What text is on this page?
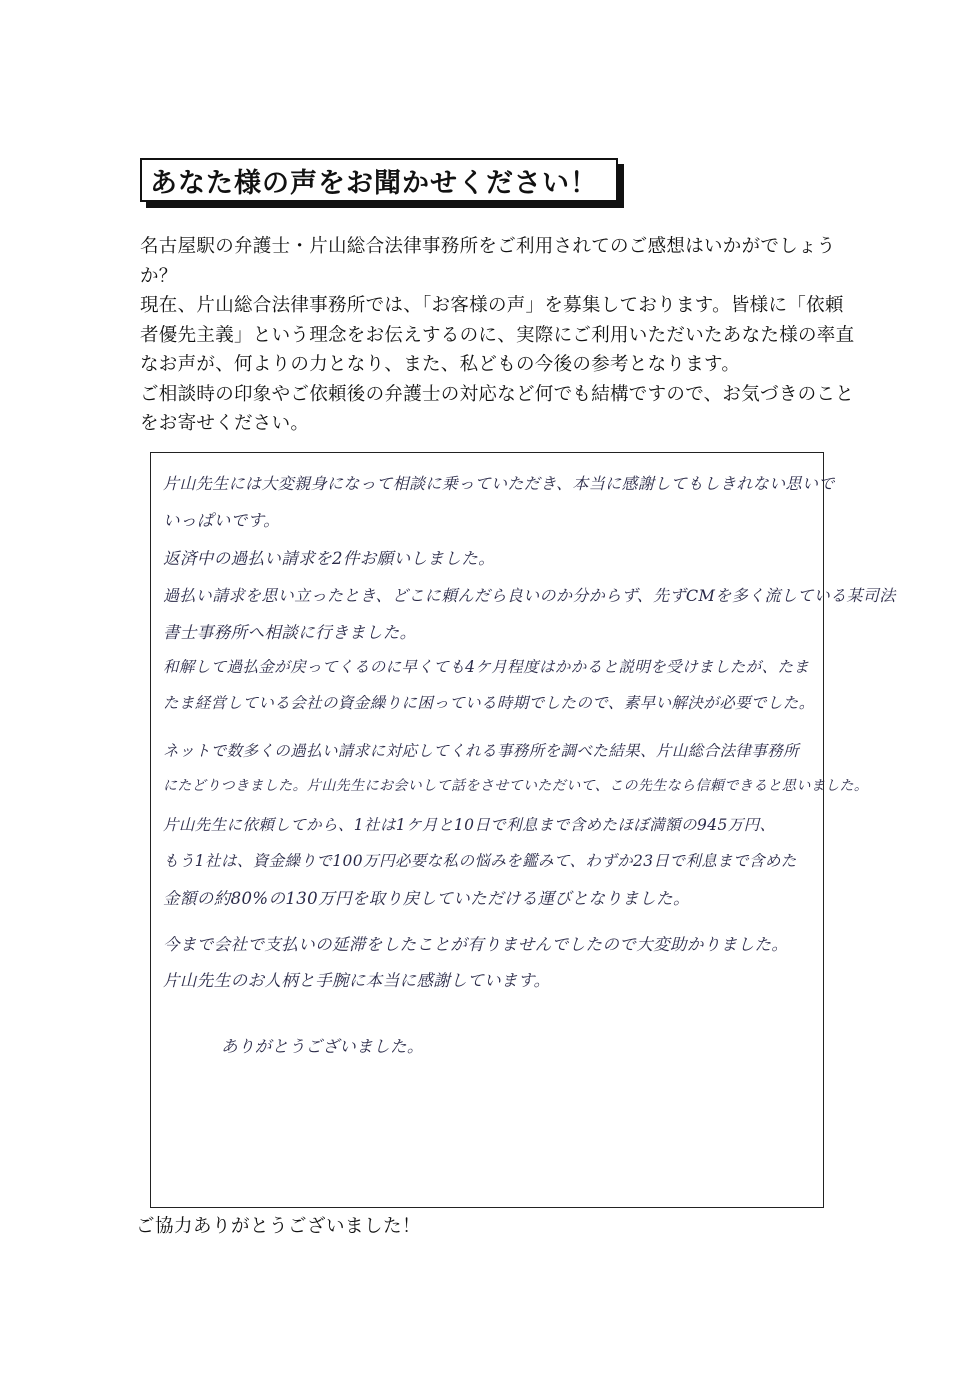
あなた様の声をお聞かせください！

名古屋駅の弁護士・片山総合法律事務所をご利用されてのご感想はいかがでしょうか？

現在、片山総合法律事務所では、「お客様の声」を募集しております。皆様に「依頼者優先主義」という理念をお伝えするのに、実際にご利用いただいたあなた様の率直なお声が、何よりの力となり、また、私どもの今後の参考となります。

ご相談時の印象やご依頼後の弁護士の対応など何でも結構ですので、お気づきのことをお寄せください。

片山先生には大変親身になって相談に乗っていただき、本当に感謝してもしきれない思いで
いっぱいです。
返済中の過払い請求を2件お願いしました。
過払い請求を思い立ったとき、どこに頼んだら良いのか分からず、先ずCMを多く流している某司法
書士事務所へ相談に行きました。
和解して過払金が戻ってくるのに早くても4ケ月程度はかかると説明を受けましたが、たま
たま経営している会社の資金繰りに困っている時期でしたので、素早い解決が必要でした。
ネットで数多くの過払い請求に対応してくれる事務所を調べた結果、片山総合法律事務所
にたどりつきました。片山先生にお会いして話をさせていただいて、この先生なら信頼できると思いました。
片山先生に依頼してから、1社は1ケ月と10日で利息まで含めたほぼ満額の945万円、
もう1社は、資金繰りで100万円必要な私の悩みを鑑みて、わずか23日で利息まで含めた
金額の約80%の130万円を取り戻していただける運びとなりました。
今まで会社で支払いの延滞をしたことが有りませんでしたので大変助かりました。
片山先生のお人柄と手腕に本当に感謝しています。
ありがとうございました。
ご協力ありがとうございました！
